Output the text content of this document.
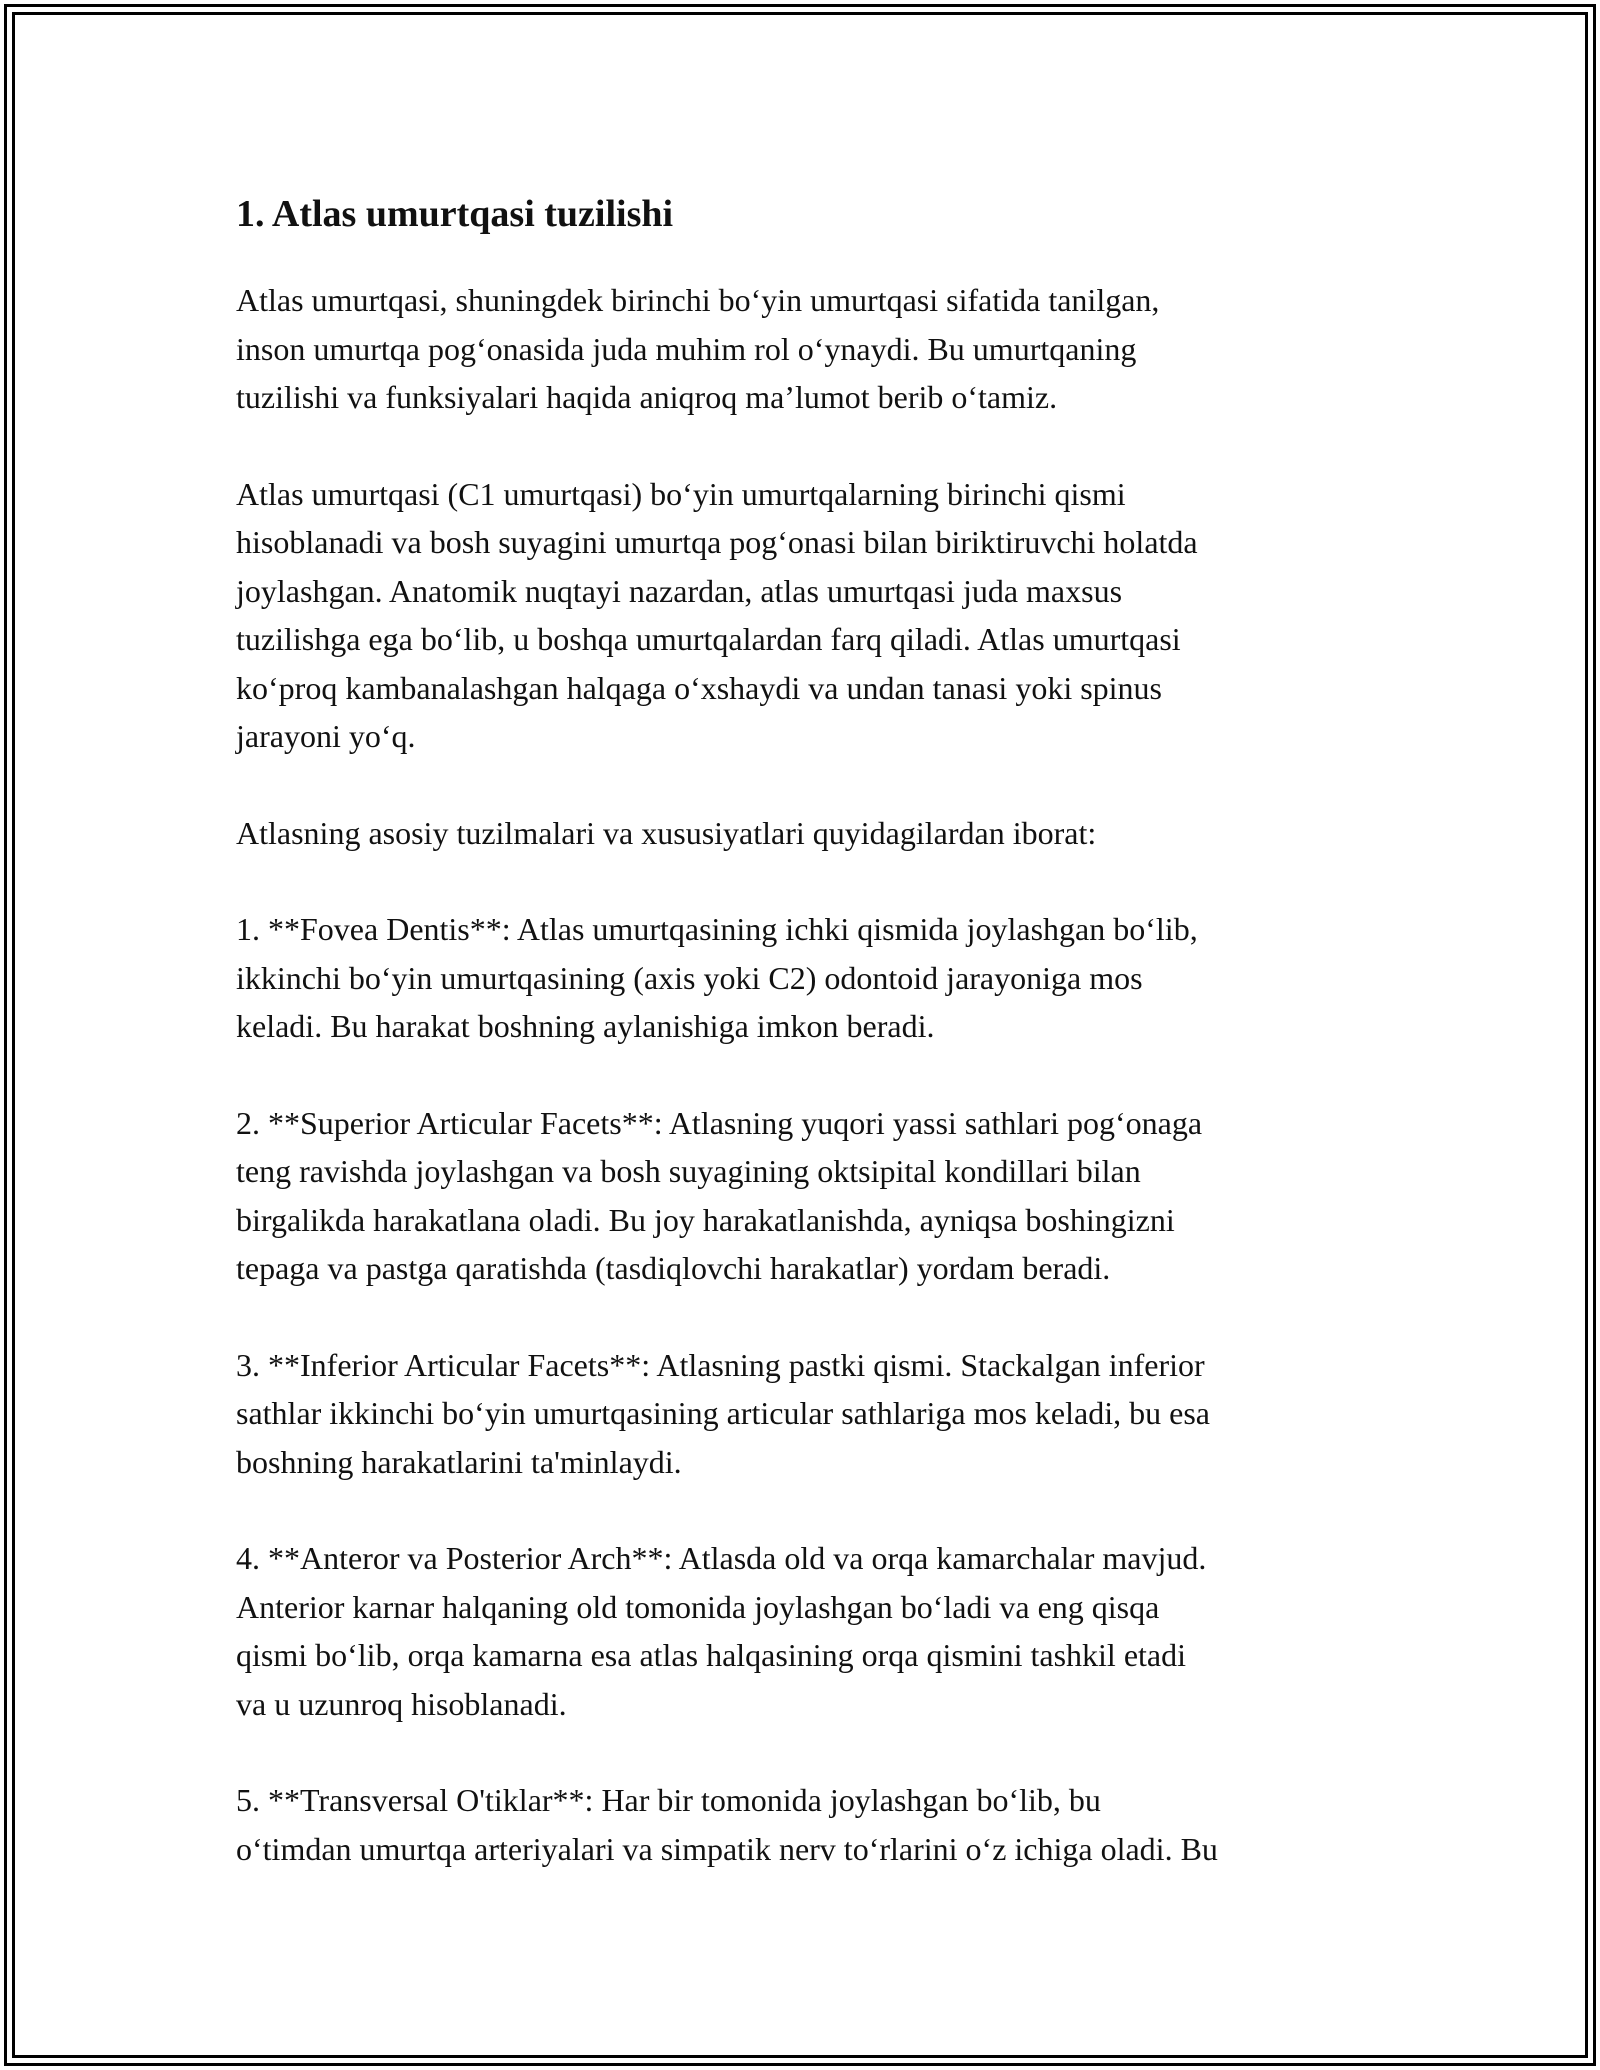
1. Atlas umurtqasi tuzilishi

Atlas umurtqasi, shuningdek birinchi bo‘yin umurtqasi sifatida tanilgan,
inson umurtqa pog‘onasida juda muhim rol o‘ynaydi. Bu umurtqaning
tuzilishi va funksiyalari haqida aniqroq ma’lumot berib o‘tamiz.

Atlas umurtqasi (C1 umurtqasi) bo‘yin umurtqalarning birinchi qismi
hisoblanadi va bosh suyagini umurtqa pog‘onasi bilan biriktiruvchi holatda
joylashgan. Anatomik nuqtayi nazardan, atlas umurtqasi juda maxsus
tuzilishga ega bo‘lib, u boshqa umurtqalardan farq qiladi. Atlas umurtqasi
ko‘proq kambanalashgan halqaga o‘xshaydi va undan tanasi yoki spinus
jarayoni yo‘q.

Atlasning asosiy tuzilmalari va xususiyatlari quyidagilardan iborat:

1. **Fovea Dentis**: Atlas umurtqasining ichki qismida joylashgan bo‘lib,
ikkinchi bo‘yin umurtqasining (axis yoki C2) odontoid jarayoniga mos
keladi. Bu harakat boshning aylanishiga imkon beradi.

2. **Superior Articular Facets**: Atlasning yuqori yassi sathlari pog‘onaga
teng ravishda joylashgan va bosh suyagining oktsipital kondillari bilan
birgalikda harakatlana oladi. Bu joy harakatlanishda, ayniqsa boshingizni
tepaga va pastga qaratishda (tasdiqlovchi harakatlar) yordam beradi.

3. **Inferior Articular Facets**: Atlasning pastki qismi. Stackalgan inferior
sathlar ikkinchi bo‘yin umurtqasining articular sathlariga mos keladi, bu esa
boshning harakatlarini ta'minlaydi.

4. **Anteror va Posterior Arch**: Atlasda old va orqa kamarchalar mavjud.
Anterior karnar halqaning old tomonida joylashgan bo‘ladi va eng qisqa
qismi bo‘lib, orqa kamarna esa atlas halqasining orqa qismini tashkil etadi
va u uzunroq hisoblanadi.

5. **Transversal O'tiklar**: Har bir tomonida joylashgan bo‘lib, bu
o‘timdan umurtqa arteriyalari va simpatik nerv to‘rlarini o‘z ichiga oladi. Bu
